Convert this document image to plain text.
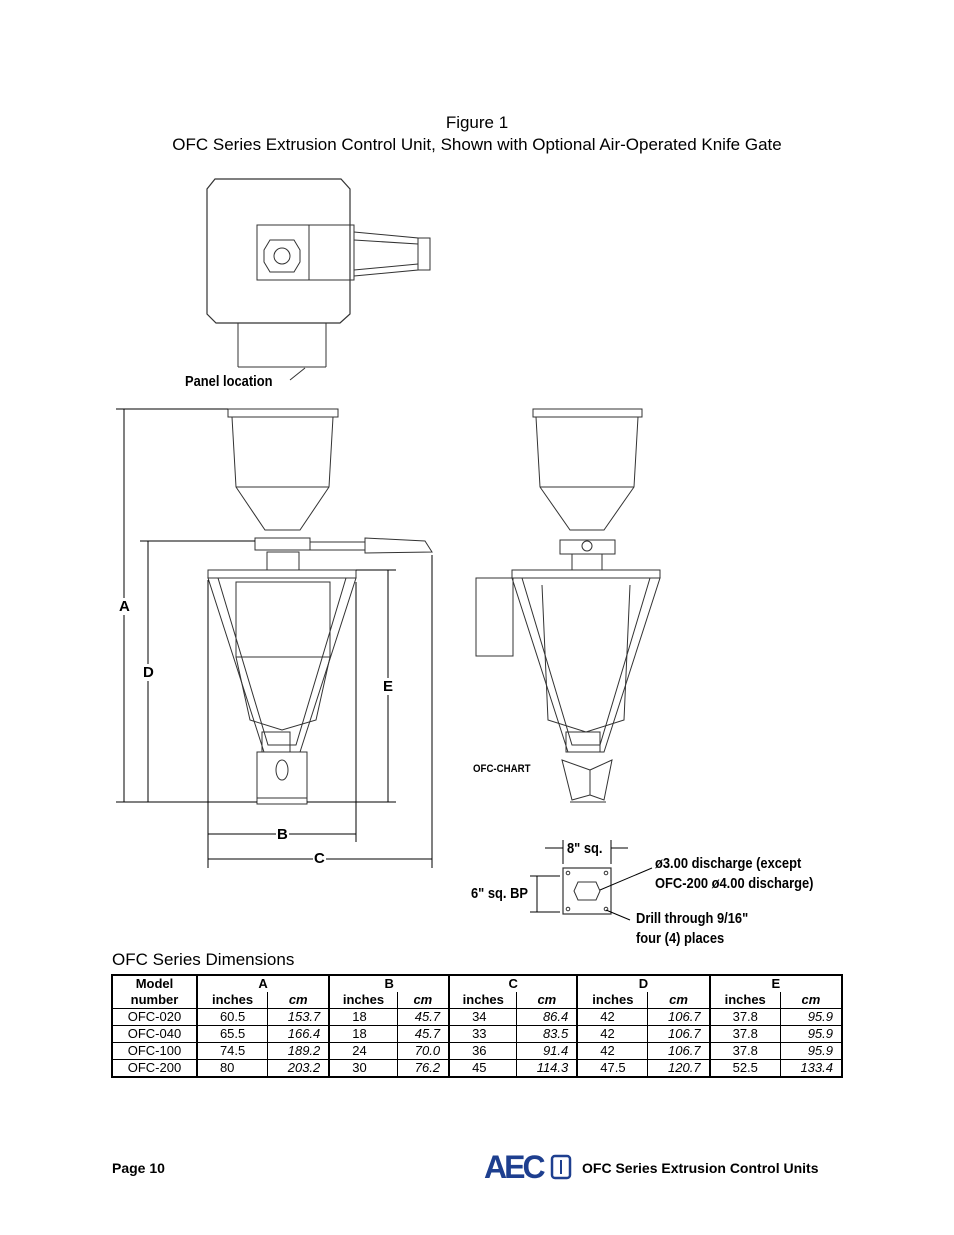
Figure 1
OFC Series Extrusion Control Unit, Shown with Optional Air-Operated Knife Gate
Panel location
A
D
E
B
C
OFC-CHART
8" sq.
6" sq. BP
ø3.00 discharge (except
OFC-200 ø4.00 discharge)
Drill through 9/16"
four (4) places
OFC Series Dimensions
Model	A		B		C		D		E	
number	inches	cm	inches	cm	inches	cm	inches	cm	inches	cm
OFC-020	60.5	153.7	18	45.7	34	86.4	42	106.7	37.8	95.9
OFC-040	65.5	166.4	18	45.7	33	83.5	42	106.7	37.8	95.9
OFC-100	74.5	189.2	24	70.0	36	91.4	42	106.7	37.8	95.9
OFC-200	80	203.2	30	76.2	45	114.3	47.5	120.7	52.5	133.4
Page 10	AEC	OFC Series Extrusion Control Units
